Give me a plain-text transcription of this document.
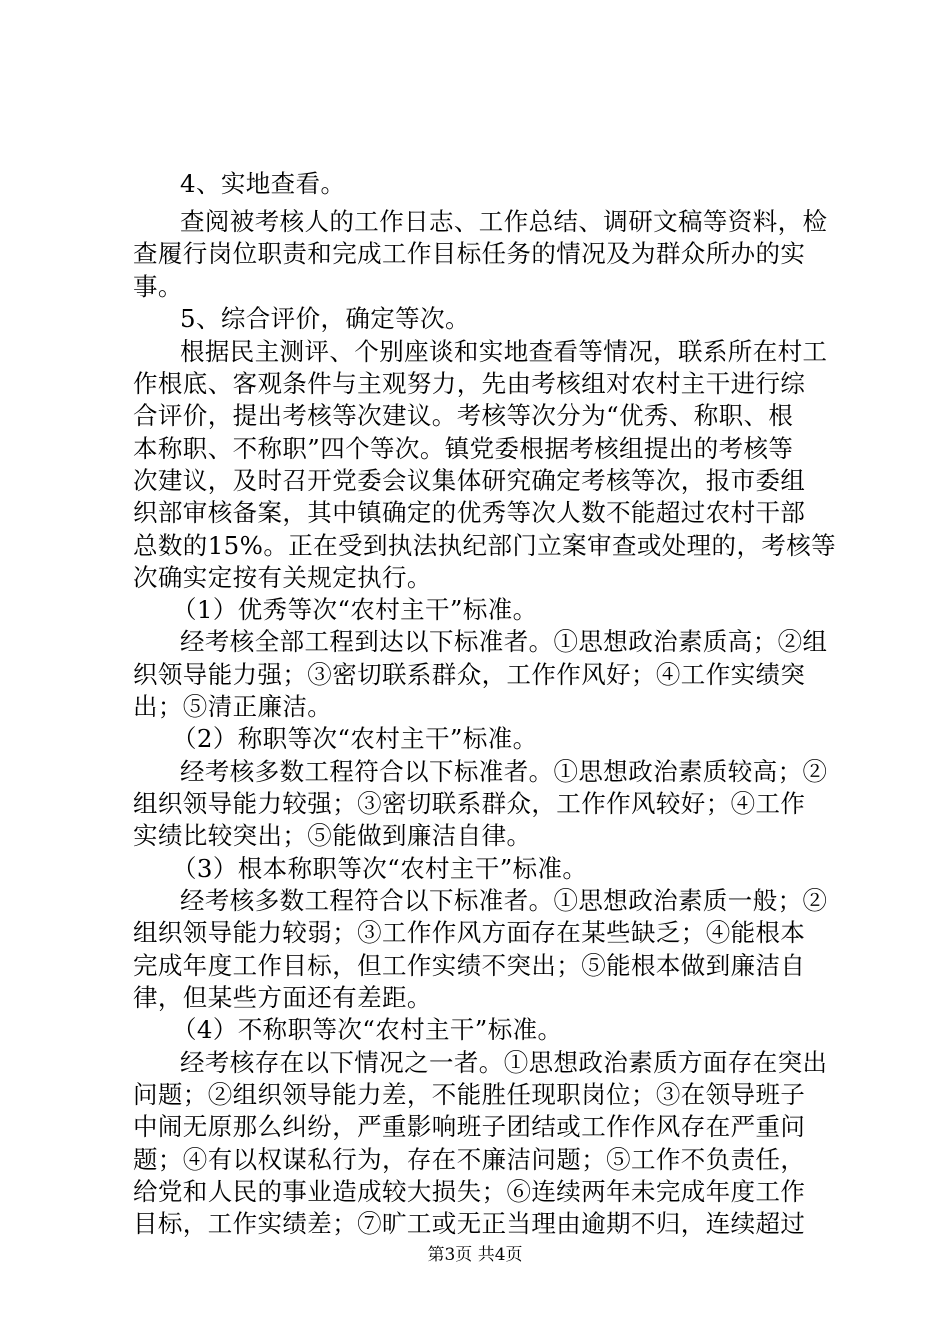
4、实地查看。
查阅被考核人的工作日志、工作总结、调研文稿等资料，检
查履行岗位职责和完成工作目标任务的情况及为群众所办的实
事。
5、综合评价，确定等次。
根据民主测评、个别座谈和实地查看等情况，联系所在村工
作根底、客观条件与主观努力，先由考核组对农村主干进行综
合评价，提出考核等次建议。考核等次分为“优秀、称职、根
本称职、不称职”四个等次。镇党委根据考核组提出的考核等
次建议，及时召开党委会议集体研究确定考核等次，报市委组
织部审核备案，其中镇确定的优秀等次人数不能超过农村干部
总数的15%。正在受到执法执纪部门立案审查或处理的，考核等
次确实定按有关规定执行。
（1）优秀等次“农村主干”标准。
经考核全部工程到达以下标准者。①思想政治素质高；②组
织领导能力强；③密切联系群众，工作作风好；④工作实绩突
出；⑤清正廉洁。
（2）称职等次“农村主干”标准。
经考核多数工程符合以下标准者。①思想政治素质较高；②
组织领导能力较强；③密切联系群众，工作作风较好；④工作
实绩比较突出；⑤能做到廉洁自律。
（3）根本称职等次“农村主干”标准。
经考核多数工程符合以下标准者。①思想政治素质一般；②
组织领导能力较弱；③工作作风方面存在某些缺乏；④能根本
完成年度工作目标，但工作实绩不突出；⑤能根本做到廉洁自
律，但某些方面还有差距。
（4）不称职等次“农村主干”标准。
经考核存在以下情况之一者。①思想政治素质方面存在突出
问题；②组织领导能力差，不能胜任现职岗位；③在领导班子
中闹无原那么纠纷，严重影响班子团结或工作作风存在严重问
题；④有以权谋私行为，存在不廉洁问题；⑤工作不负责任，
给党和人民的事业造成较大损失；⑥连续两年未完成年度工作
目标，工作实绩差；⑦旷工或无正当理由逾期不归，连续超过
第3页 共4页
